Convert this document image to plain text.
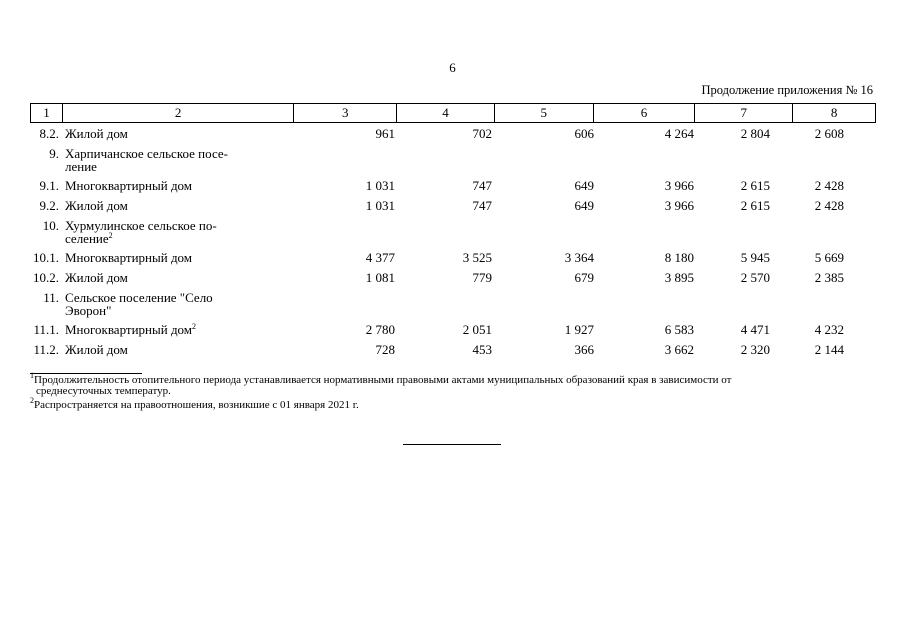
6
Продолжение приложения № 16
1	2	3	4	5	6	7	8
8.2. Жилой дом	961	702	606	4 264	2 804	2 608
9. Харпичанское сельское посе-
ление
9.1. Многоквартирный дом	1 031	747	649	3 966	2 615	2 428
9.2. Жилой дом	1 031	747	649	3 966	2 615	2 428
10. Хурмулинское сельское по-
селение$^2$
10.1. Многоквартирный дом	4 377	3 525	3 364	8 180	5 945	5 669
10.2. Жилой дом	1 081	779	679	3 895	2 570	2 385
11. Сельское поселение "Село
Эворон"
11.1. Многоквартирный дом$^2$	2 780	2 051	1 927	6 583	4 471	4 232
11.2. Жилой дом	728	453	366	3 662	2 320	2 144
$^1$Продолжительность отопительного периода устанавливается нормативными правовыми актами муниципальных образований края в зависимости от
среднесуточных температур.
$^2$Распространяется на правоотношения, возникшие с 01 января 2021 г.
